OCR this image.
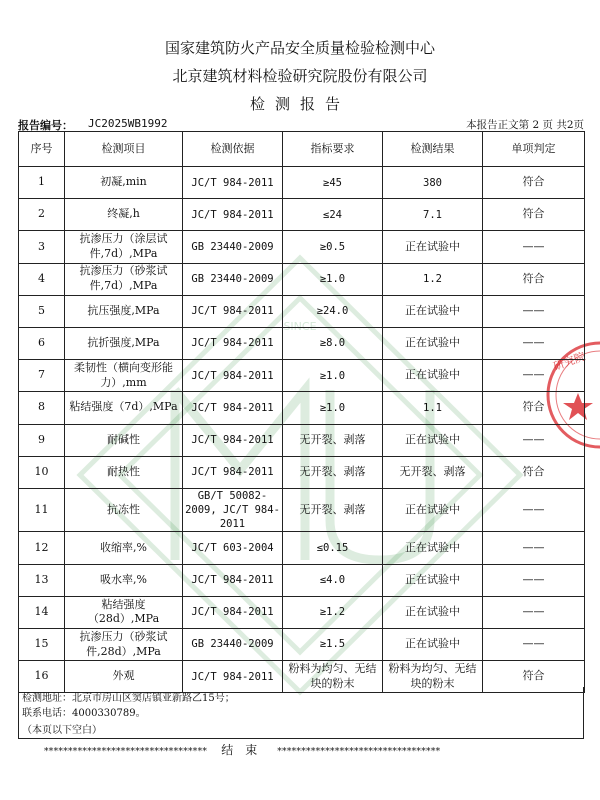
SINCE
研究院
国家建筑防火产品安全质量检验检测中心
北京建筑材料检验研究院股份有限公司
检测报告
报告编号： JC2025WB1992	本报告正文第 2 页 共2页
序号	检测项目	检测依据	指标要求	检测结果	单项判定
1	初凝,min	JC/T 984-2011	≥45	380	符合
2	终凝,h	JC/T 984-2011	≤24	7.1	符合
3	抗渗压力（涂层试件,7d）,MPa	GB 23440-2009	≥0.5	正在试验中	——
4	抗渗压力（砂浆试件,7d）,MPa	GB 23440-2009	≥1.0	1.2	符合
5	抗压强度,MPa	JC/T 984-2011	≥24.0	正在试验中	——
6	抗折强度,MPa	JC/T 984-2011	≥8.0	正在试验中	——
7	柔韧性（横向变形能力）,mm	JC/T 984-2011	≥1.0	正在试验中	——
8	粘结强度（7d）,MPa	JC/T 984-2011	≥1.0	1.1	符合
9	耐碱性	JC/T 984-2011	无开裂、剥落	正在试验中	——
10	耐热性	JC/T 984-2011	无开裂、剥落	无开裂、剥落	符合
11	抗冻性	GB/T 50082-2009, JC/T 984-2011	无开裂、剥落	正在试验中	——
12	收缩率,%	JC/T 603-2004	≤0.15	正在试验中	——
13	吸水率,%	JC/T 984-2011	≤4.0	正在试验中	——
14	粘结强度（28d）,MPa	JC/T 984-2011	≥1.2	正在试验中	——
15	抗渗压力（砂浆试件,28d）,MPa	GB 23440-2009	≥1.5	正在试验中	——
16	外观	JC/T 984-2011	粉料为均匀、无结块的粉末	粉料为均匀、无结块的粉末	符合
检测地址：北京市房山区窦店镇亚新路乙15号；
联系电话：4000330789。
（本页以下空白）
********************************** 结束 **********************************
